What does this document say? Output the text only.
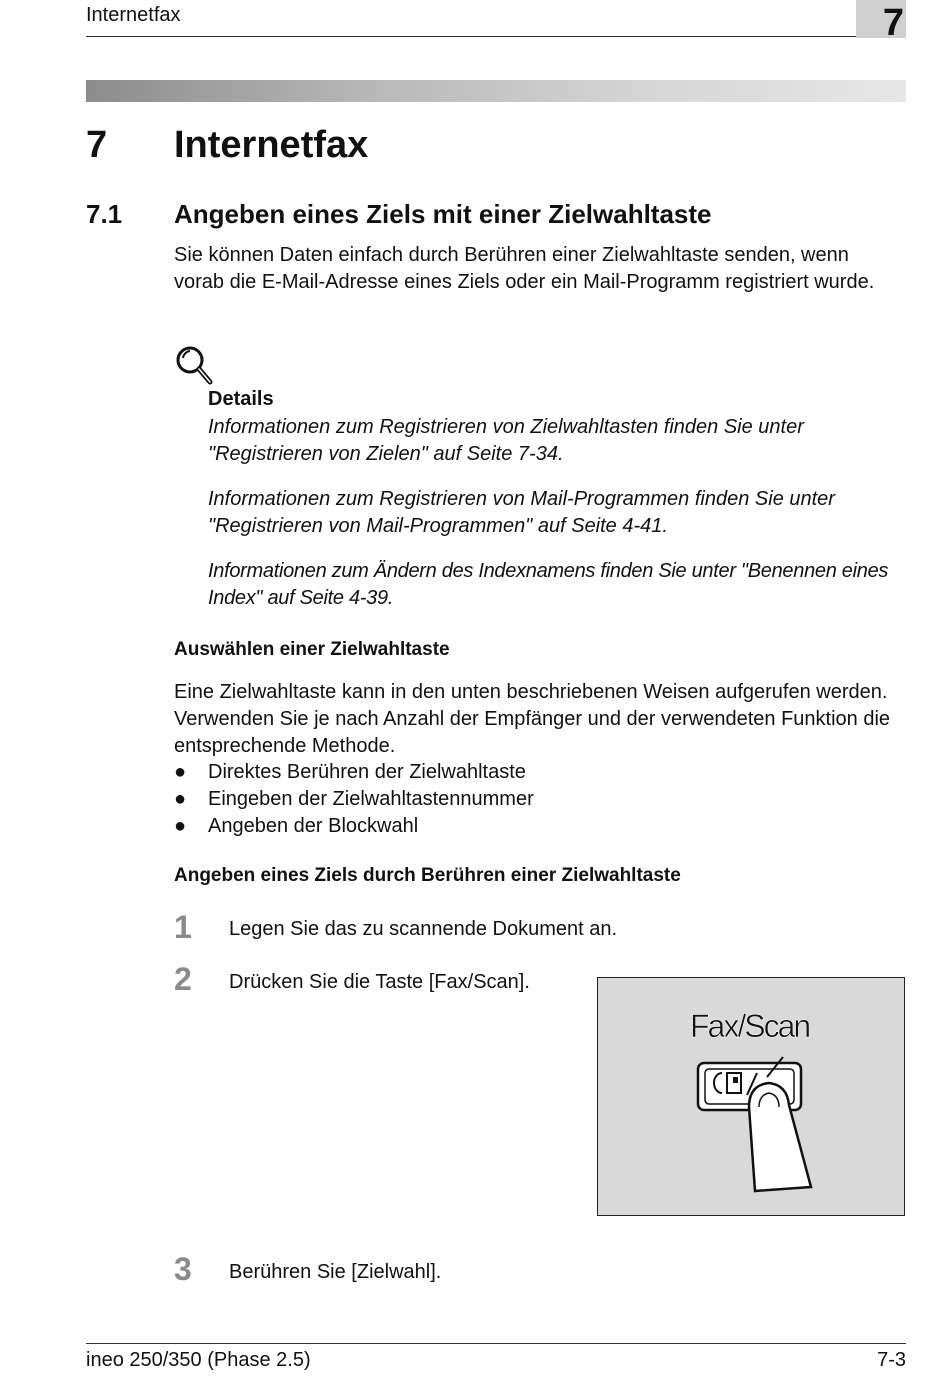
Internetfax	7
7 Internetfax
7.1 Angeben eines Ziels mit einer Zielwahltaste
Sie können Daten einfach durch Berühren einer Zielwahltaste senden, wenn vorab die E-Mail-Adresse eines Ziels oder ein Mail-Programm registriert wurde.
Details
Informationen zum Registrieren von Zielwahltasten finden Sie unter "Registrieren von Zielen" auf Seite 7-34.
Informationen zum Registrieren von Mail-Programmen finden Sie unter "Registrieren von Mail-Programmen" auf Seite 4-41.
Informationen zum Ändern des Indexnamens finden Sie unter "Benennen eines Index" auf Seite 4-39.
Auswählen einer Zielwahltaste
Eine Zielwahltaste kann in den unten beschriebenen Weisen aufgerufen werden. Verwenden Sie je nach Anzahl der Empfänger und der verwendeten Funktion die entsprechende Methode.
● Direktes Berühren der Zielwahltaste
● Eingeben der Zielwahltastennummer
● Angeben der Blockwahl
Angeben eines Ziels durch Berühren einer Zielwahltaste
1 Legen Sie das zu scannende Dokument an.
2 Drücken Sie die Taste [Fax/Scan].
Fax/Scan
3 Berühren Sie [Zielwahl].
ineo 250/350 (Phase 2.5)	7-3
